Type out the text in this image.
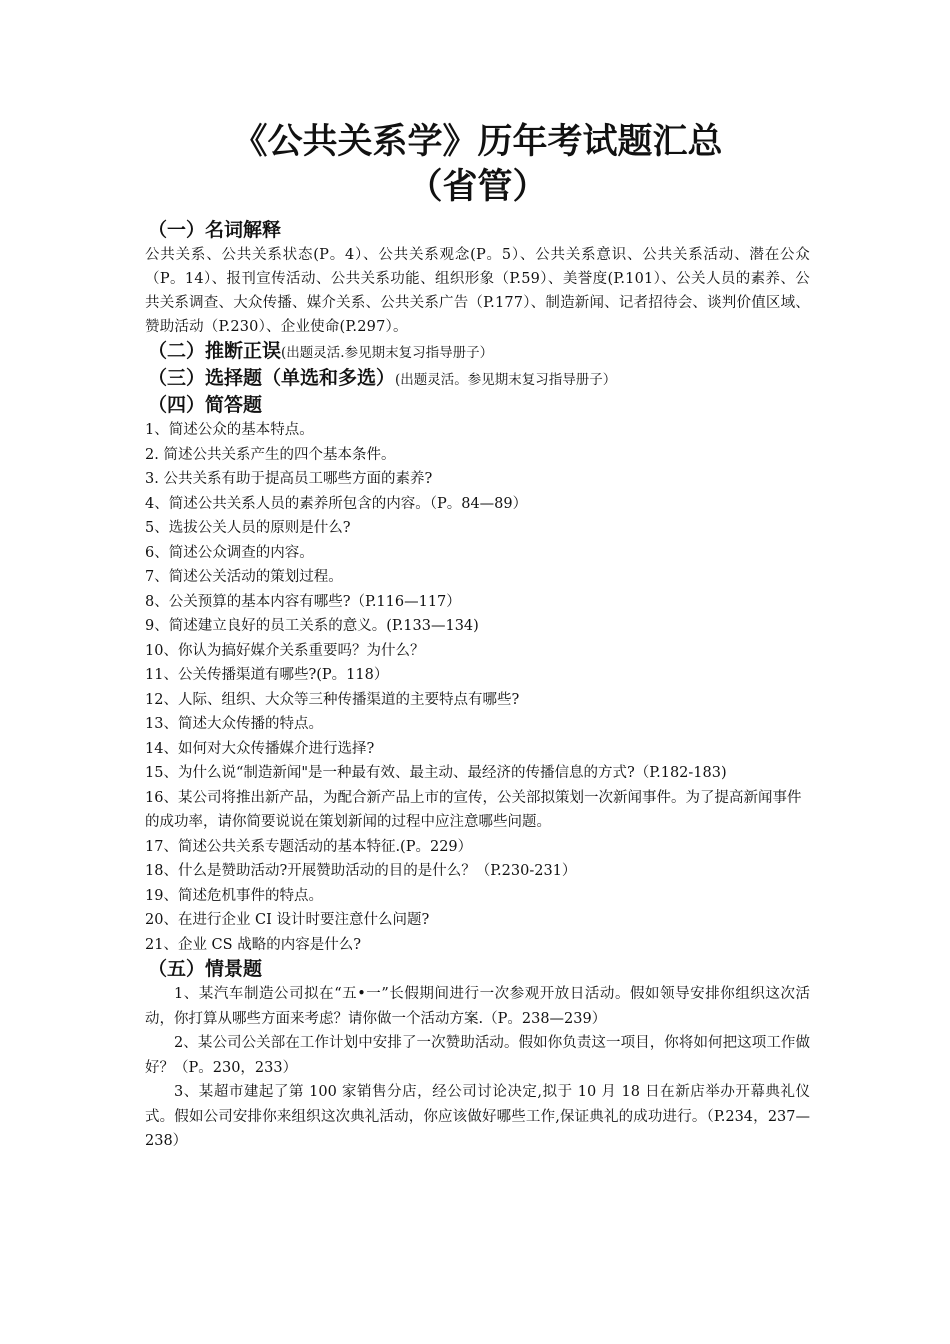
《公共关系学》历年考试题汇总
（省管）
（一）名词解释
公共关系、公共关系状态(P。4）、公共关系观念(P。5）、公共关系意识、公共关系活动、潜在公众（P。14）、报刊宣传活动、公共关系功能、组织形象（P.59）、美誉度(P.101）、公关人员的素养、公共关系调查、大众传播、媒介关系、公共关系广告（P.177）、制造新闻、记者招待会、谈判价值区域、赞助活动（P.230）、企业使命(P.297）。
（二）推断正误(出题灵活.参见期末复习指导册子）
（三）选择题（单选和多选）(出题灵活。参见期末复习指导册子）
（四）简答题
1、简述公众的基本特点。
2. 简述公共关系产生的四个基本条件。
3. 公共关系有助于提高员工哪些方面的素养?
4、简述公共关系人员的素养所包含的内容。（P。84—89）
5、选拔公关人员的原则是什么?
6、简述公众调查的内容。
7、简述公关活动的策划过程。
8、公关预算的基本内容有哪些?（P.116—117）
9、简述建立良好的员工关系的意义。(P.133—134)
10、你认为搞好媒介关系重要吗？为什么？
11、公关传播渠道有哪些?(P。118）
12、人际、组织、大众等三种传播渠道的主要特点有哪些?
13、简述大众传播的特点。
14、如何对大众传播媒介进行选择?
15、为什么说“制造新闻"是一种最有效、最主动、最经济的传播信息的方式?（P.182-183)
16、某公司将推出新产品，为配合新产品上市的宣传，公关部拟策划一次新闻事件。为了提高新闻事件的成功率，请你简要说说在策划新闻的过程中应注意哪些问题。
17、简述公共关系专题活动的基本特征.(P。229）
18、什么是赞助活动?开展赞助活动的目的是什么？（P.230-231）
19、简述危机事件的特点。
20、在进行企业 CI 设计时要注意什么问题?
21、企业 CS 战略的内容是什么?
（五）情景题
1、某汽车制造公司拟在“五•一”长假期间进行一次参观开放日活动。假如领导安排你组织这次活动，你打算从哪些方面来考虑？请你做一个活动方案.（P。238—239）
2、某公司公关部在工作计划中安排了一次赞助活动。假如你负责这一项目，你将如何把这项工作做好？（P。230，233）
3、某超市建起了第 100 家销售分店，经公司讨论决定,拟于 10 月 18 日在新店举办开幕典礼仪式。假如公司安排你来组织这次典礼活动，你应该做好哪些工作,保证典礼的成功进行。（P.234，237—238）
